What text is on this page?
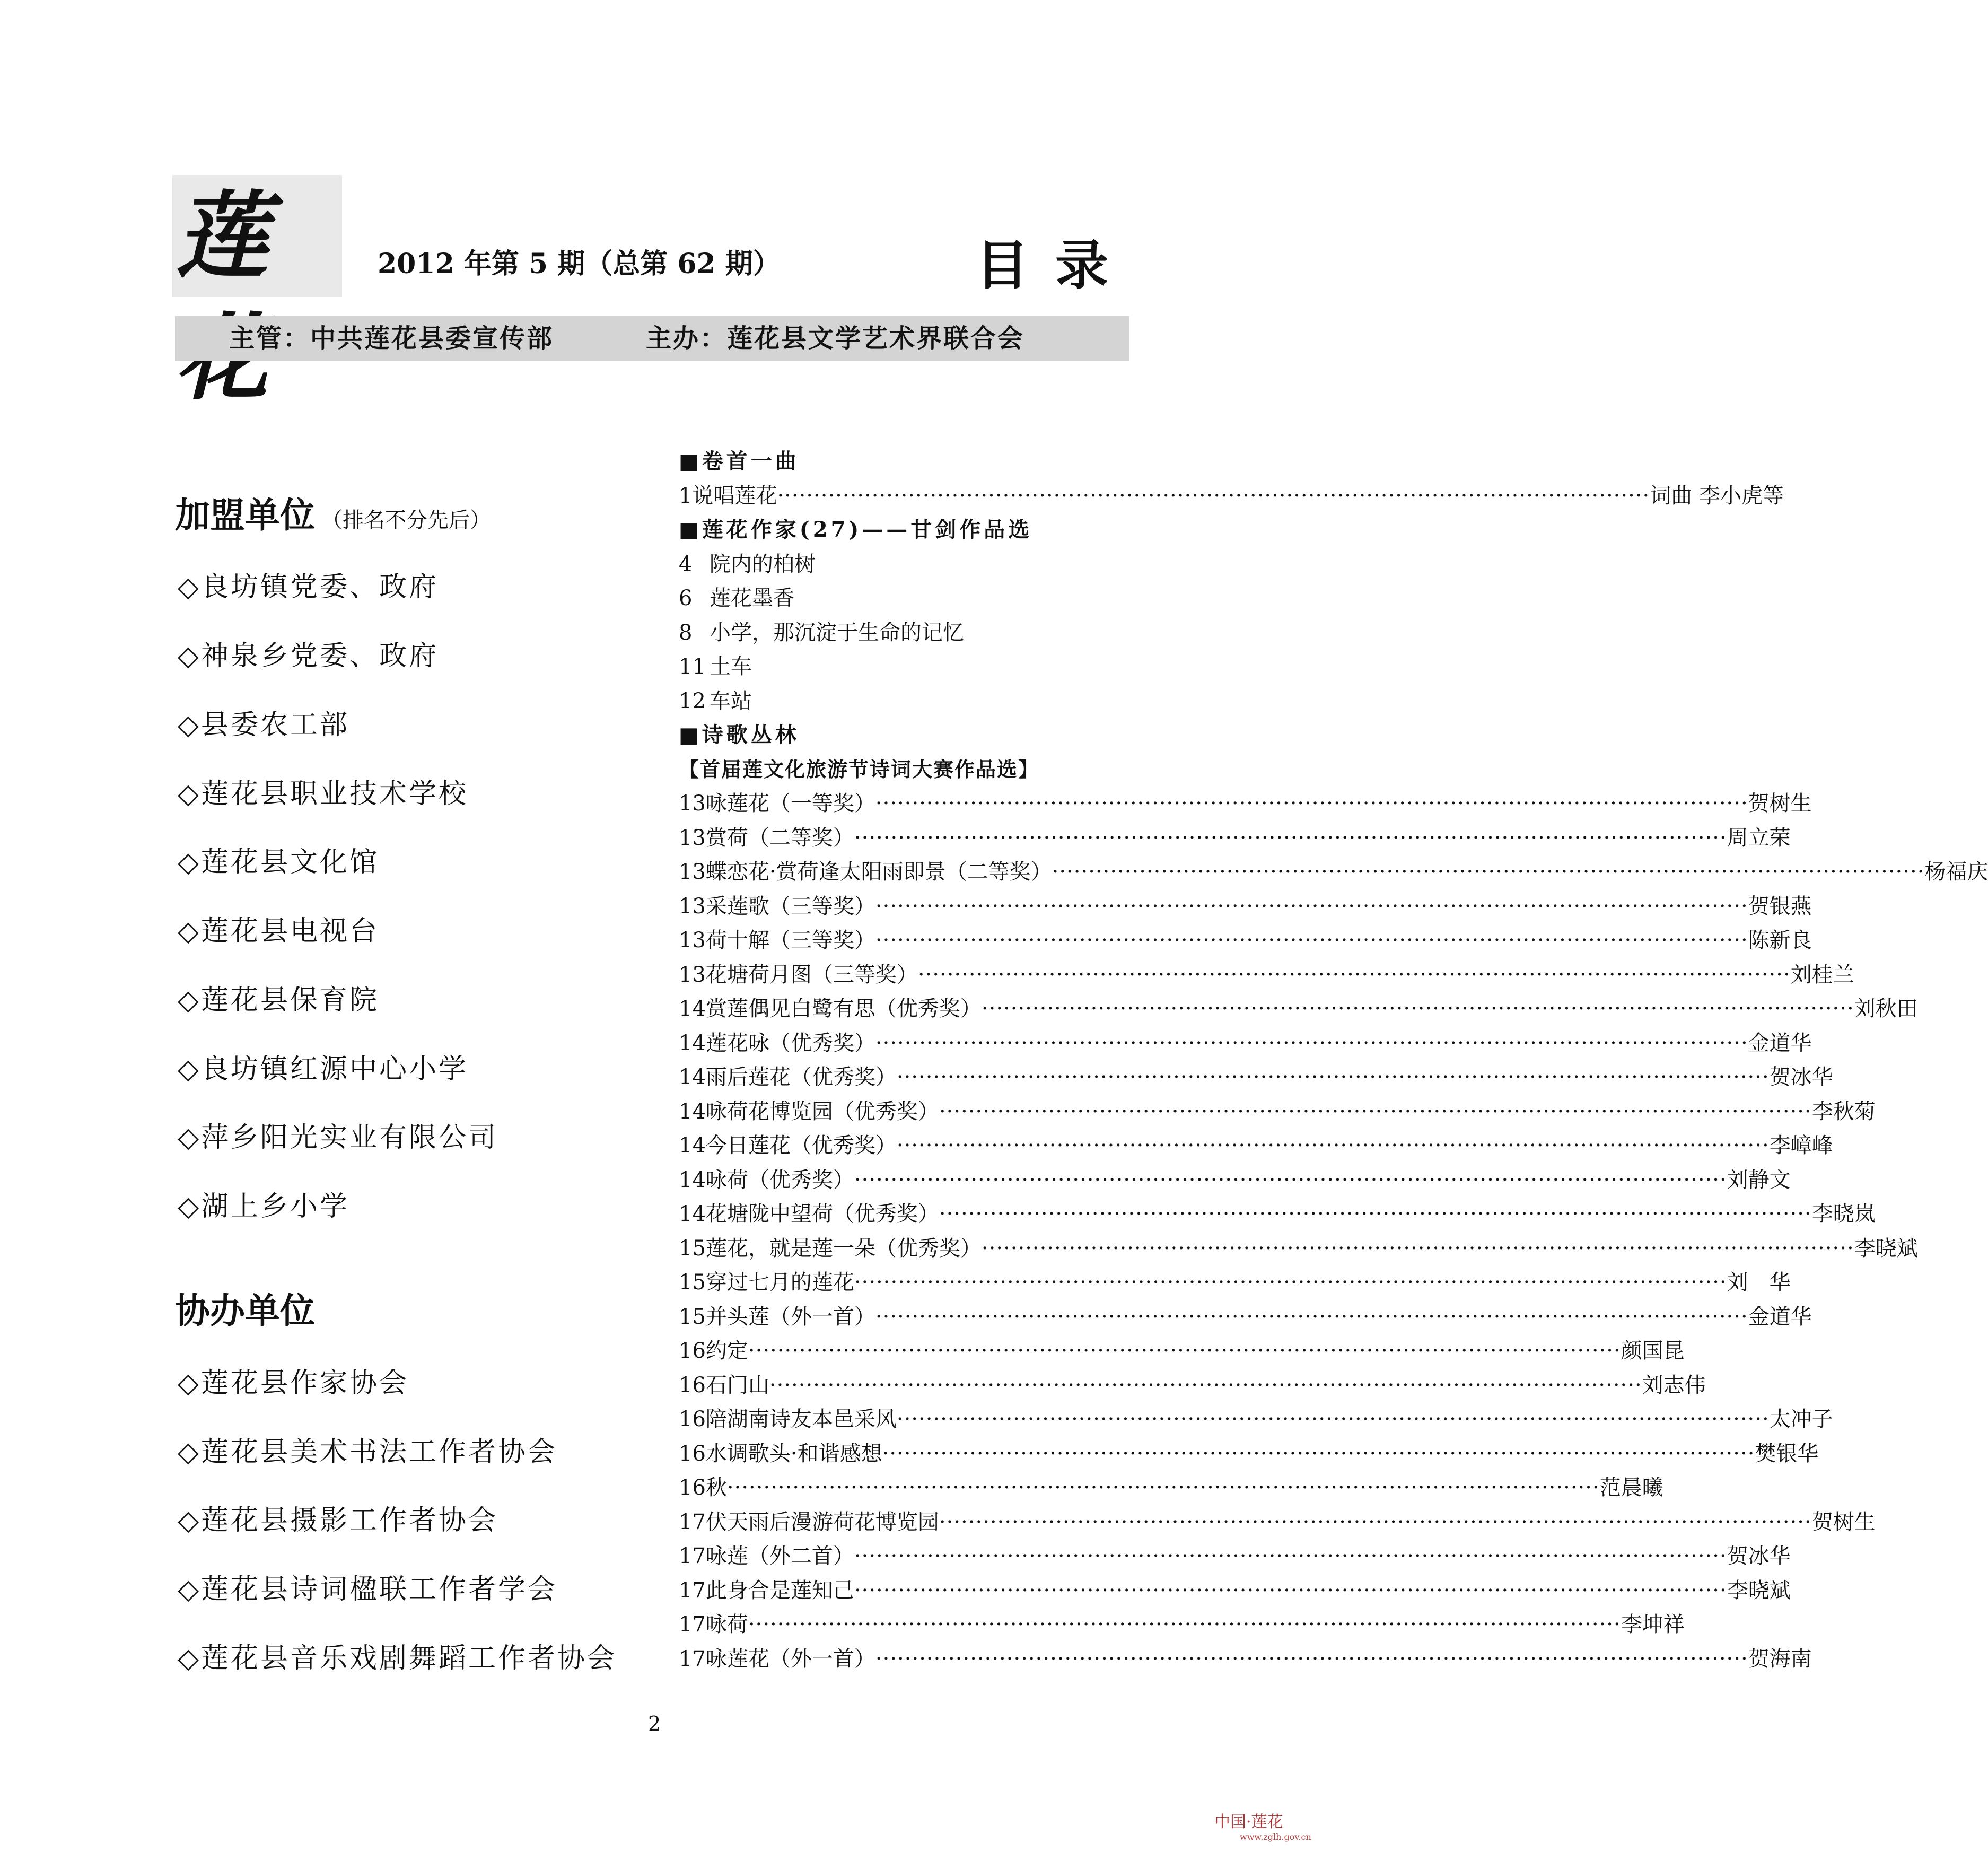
莲	2012 年第 5 期（总第 62 期）	目录
主管：中共莲花县委宣传部	主办：莲花县文学艺术界联合会
加盟单位 （排名不分先后）
◇良坊镇党委、政府
◇神泉乡党委、政府
◇县委农工部
◇莲花县职业技术学校
◇莲花县文化馆
◇莲花县电视台
◇莲花县保育院
◇良坊镇红源中心小学
◇萍乡阳光实业有限公司
◇湖上乡小学
协办单位
◇莲花县作家协会
◇莲花县美术书法工作者协会
◇莲花县摄影工作者协会
◇莲花县诗词楹联工作者学会
◇莲花县音乐戏剧舞蹈工作者协会
■卷首一曲
1 说唱莲花 ························································································································ 词曲 李小虎等
■莲花作家(27)——甘剑作品选
4 院内的柏树
6 莲花墨香
8 小学，那沉淀于生命的记忆
11 土车
12 车站
■诗歌丛林
【首届莲文化旅游节诗词大赛作品选】
13 咏莲花（一等奖） ························································································································ 贺树生
13 赏荷（二等奖） ························································································································ 周立荣
13 蝶恋花·赏荷逢太阳雨即景（二等奖） ························································································································ 杨福庆
13 采莲歌（三等奖） ························································································································ 贺银燕
13 荷十解（三等奖） ························································································································ 陈新良
13 花塘荷月图（三等奖） ························································································································ 刘桂兰
14 赏莲偶见白鹭有思（优秀奖） ························································································································ 刘秋田
14 莲花咏（优秀奖） ························································································································ 金道华
14 雨后莲花（优秀奖） ························································································································ 贺冰华
14 咏荷花博览园（优秀奖） ························································································································ 李秋菊
14 今日莲花（优秀奖） ························································································································ 李嶂峰
14 咏荷（优秀奖） ························································································································ 刘静文
14 花塘陇中望荷（优秀奖） ························································································································ 李晓岚
15 莲花，就是莲一朵（优秀奖） ························································································································ 李晓斌
15 穿过七月的莲花 ························································································································ 刘　华
15 并头莲（外一首） ························································································································ 金道华
16 约定 ························································································································ 颜国昆
16 石门山 ························································································································ 刘志伟
16 陪湖南诗友本邑采风 ························································································································ 太冲子
16 水调歌头·和谐感想 ························································································································ 樊银华
16 秋 ························································································································ 范晨曦
17 伏天雨后漫游荷花博览园 ························································································································ 贺树生
17 咏莲（外二首） ························································································································ 贺冰华
17 此身合是莲知己 ························································································································ 李晓斌
17 咏荷 ························································································································ 李坤祥
17 咏莲花（外一首） ························································································································ 贺海南
2
中国·莲花
www.zglh.gov.cn
